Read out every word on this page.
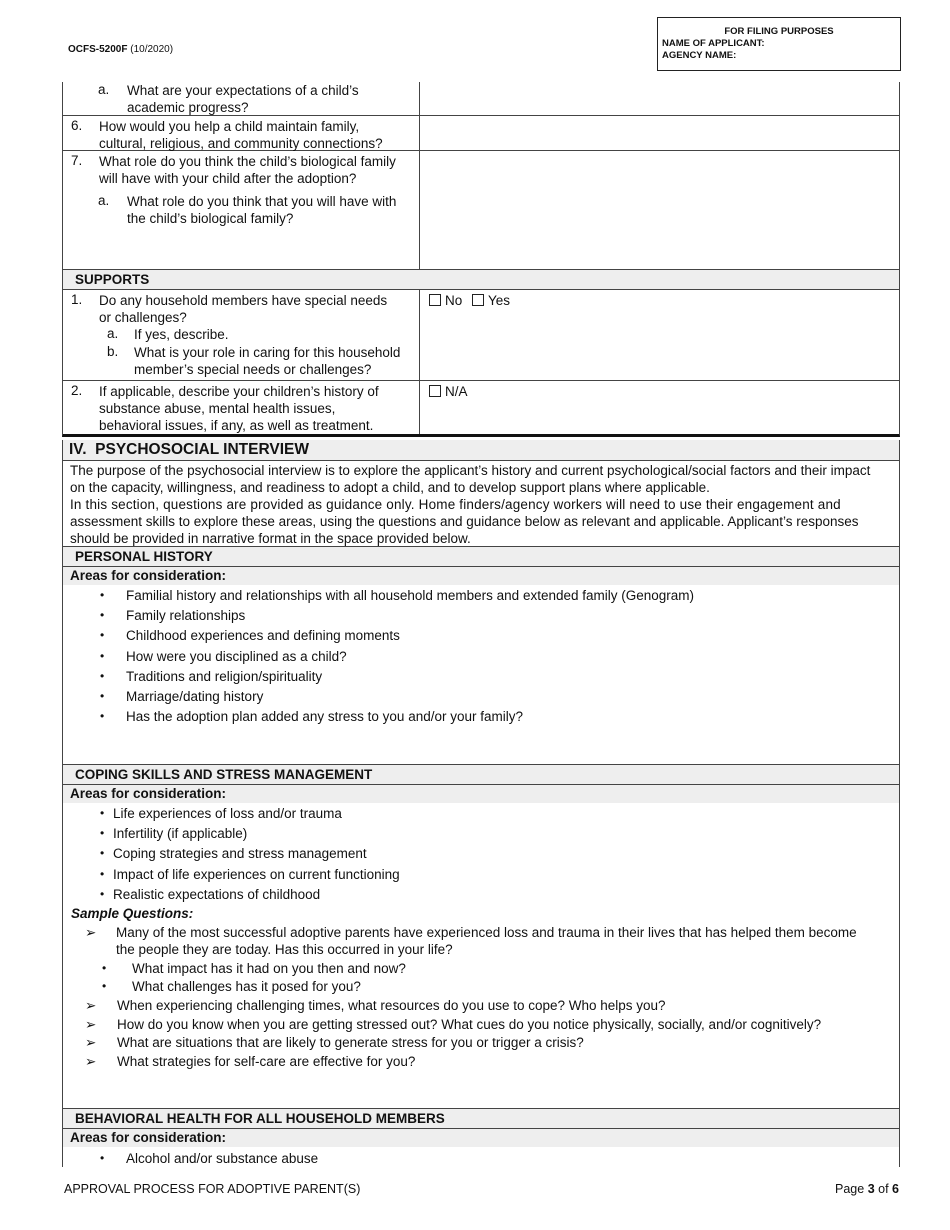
OCFS-5200F (10/2020)
FOR FILING PURPOSES
NAME OF APPLICANT:
AGENCY NAME:
a. What are your expectations of a child’s
academic progress?
6. How would you help a child maintain family,
cultural, religious, and community connections?
7. What role do you think the child’s biological family
will have with your child after the adoption?
a. What role do you think that you will have with
the child’s biological family?
SUPPORTS
1. Do any household members have special needs
or challenges?
a. If yes, describe.
b. What is your role in caring for this household
member’s special needs or challenges?
No Yes
2. If applicable, describe your children’s history of
substance abuse, mental health issues,
behavioral issues, if any, as well as treatment.
N/A
IV.  PSYCHOSOCIAL INTERVIEW
The purpose of the psychosocial interview is to explore the applicant’s history and current psychological/social factors and their impact
on the capacity, willingness, and readiness to adopt a child, and to develop support plans where applicable.
In this section, questions are provided as guidance only. Home finders/agency workers will need to use their engagement and
assessment skills to explore these areas, using the questions and guidance below as relevant and applicable. Applicant’s responses
should be provided in narrative format in the space provided below.
PERSONAL HISTORY
Areas for consideration:
• Familial history and relationships with all household members and extended family (Genogram)
• Family relationships
• Childhood experiences and defining moments
• How were you disciplined as a child?
• Traditions and religion/spirituality
• Marriage/dating history
• Has the adoption plan added any stress to you and/or your family?
COPING SKILLS AND STRESS MANAGEMENT
Areas for consideration:
• Life experiences of loss and/or trauma
• Infertility (if applicable)
• Coping strategies and stress management
• Impact of life experiences on current functioning
• Realistic expectations of childhood
Sample Questions:
➢ Many of the most successful adoptive parents have experienced loss and trauma in their lives that has helped them become
the people they are today. Has this occurred in your life?
• What impact has it had on you then and now?
• What challenges has it posed for you?
➢ When experiencing challenging times, what resources do you use to cope? Who helps you?
➢ How do you know when you are getting stressed out? What cues do you notice physically, socially, and/or cognitively?
➢ What are situations that are likely to generate stress for you or trigger a crisis?
➢ What strategies for self-care are effective for you?
BEHAVIORAL HEALTH FOR ALL HOUSEHOLD MEMBERS
Areas for consideration:
• Alcohol and/or substance abuse
APPROVAL PROCESS FOR ADOPTIVE PARENT(S)	Page 3 of 6
